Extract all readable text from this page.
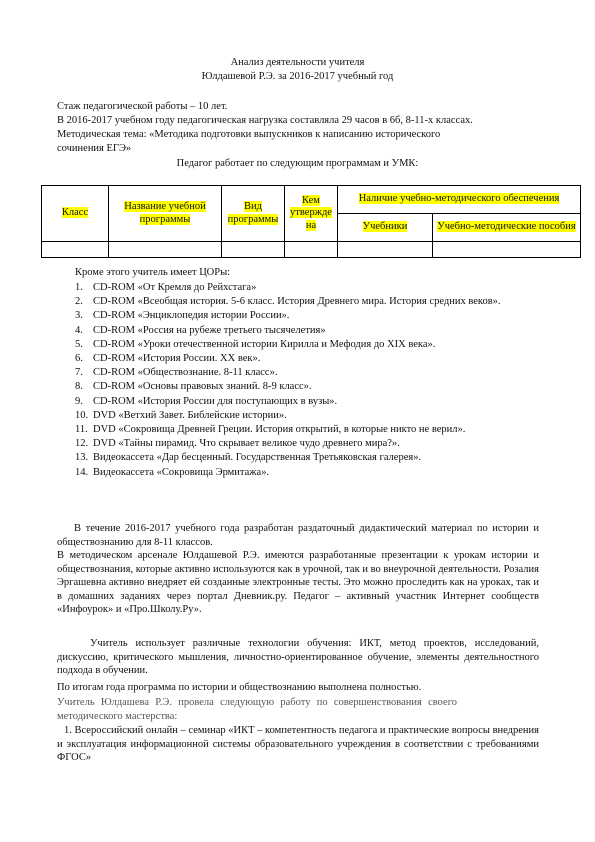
Анализ деятельности учителя
Юлдашевой Р.Э. за 2016-2017 учебный год
Стаж педагогической работы – 10 лет.
В 2016-2017 учебном году педагогическая нагрузка составляла 29 часов в 6б, 8-11-х классах.
Методическая тема: «Методика подготовки выпускников к написанию исторического
сочинения ЕГЭ»
Педагог работает по следующим программам и УМК:
Класс	Название учебной программы	Вид программы	Кем утвержде на	Наличие учебно-методического обеспечения	
				Учебники	Учебно-методические пособия

Кроме этого учитель имеет ЦОРы:
1. CD-ROM «От Кремля до Рейхстага»
2. CD-ROM «Всеобщая история. 5-6 класс. История Древнего мира. История средних веков».
3. CD-ROM «Энциклопедия истории России».
4. CD-ROM «Россия на рубеже третьего тысячелетия»
5. CD-ROM «Уроки отечественной истории Кирилла и Мефодия до XIX века».
6. CD-ROM «История России. XX век».
7. CD-ROM «Обществознание. 8-11 класс».
8. CD-ROM «Основы правовых знаний. 8-9 класс».
9. CD-ROM «История России для поступающих в вузы».
10. DVD «Ветхий Завет. Библейские истории».
11. DVD «Сокровища Древней Греции. История открытий, в которые никто не верил».
12. DVD «Тайны пирамид. Что скрывает великое чудо древнего мира?».
13. Видеокассета «Дар бесценный. Государственная Третьяковская галерея».
14. Видеокассета «Сокровища Эрмитажа».
В течение 2016-2017 учебного года разработан раздаточный дидактический материал по истории и обществознанию для 8-11 классов.
В методическом арсенале Юлдашевой Р.Э. имеются разработанные презентации к урокам истории и обществознания, которые активно используются как в урочной, так и во внеурочной деятельности. Розалия Эргашевна активно внедряет ей созданные электронные тесты. Это можно проследить как на уроках, так и в домашних заданиях через портал Дневник.ру. Педагог – активный участник Интернет сообществ «Инфоурок» и «Про.Школу.Ру».
Учитель использует различные технологии обучения: ИКТ, метод проектов, исследований, дискуссию, критического мышления, личностно-ориентированное обучение, элементы деятельностного подхода в обучении.
По итогам года программа по истории и обществознанию выполнена полностью.
Учитель Юлдашева Р.Э. провела следующую работу по совершенствования своего методического мастерства:
1. Всероссийский онлайн – семинар «ИКТ – компетентность педагога и практические вопросы внедрения и эксплуатация информационной системы образовательного учреждения в соответствии с требованиями ФГОС»
